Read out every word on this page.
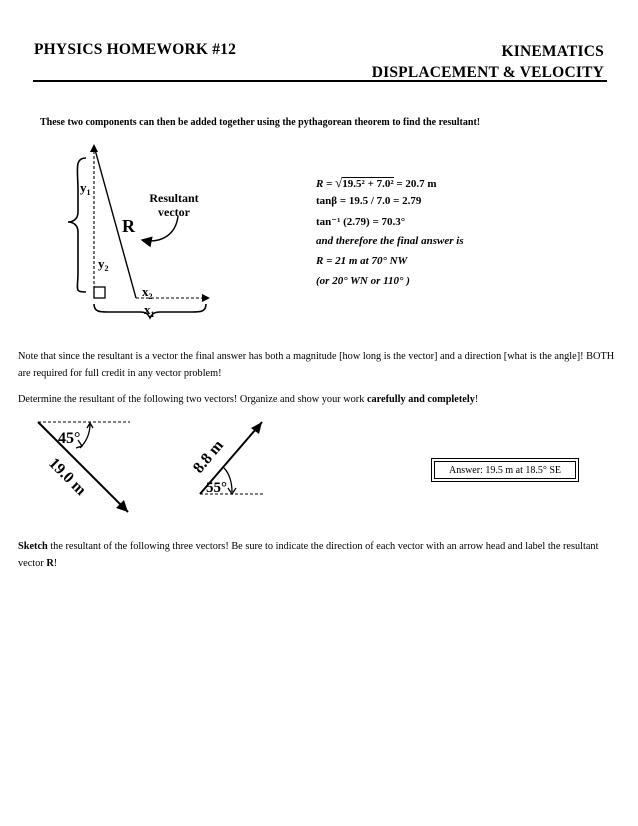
PHYSICS HOMEWORK #12	KINEMATICS
DISPLACEMENT & VELOCITY
These two components can then be added together using the pythagorean theorem to find the resultant!
$y_1$
$y_2$
$x_2$
$x_1$
R
Resultant
vector
R = √19.5² + 7.0² = 20.7 m
tanβ = 19.5 / 7.0 = 2.79
tan⁻¹ (2.79) = 70.3°
and therefore the final answer is
R = 21 m at 70° NW
(or 20° WN or 110° )
Note that since the resultant is a vector the final answer has both a magnitude [how long is the vector] and a direction [what is the angle]! BOTH are required for full credit in any vector problem!
Determine the resultant of the following two vectors! Organize and show your work carefully and completely!
45°
19.0 m	55°
8.8 m	Answer: 19.5 m at 18.5° SE
Sketch the resultant of the following three vectors! Be sure to indicate the direction of each vector with an arrow head and label the resultant vector R!
